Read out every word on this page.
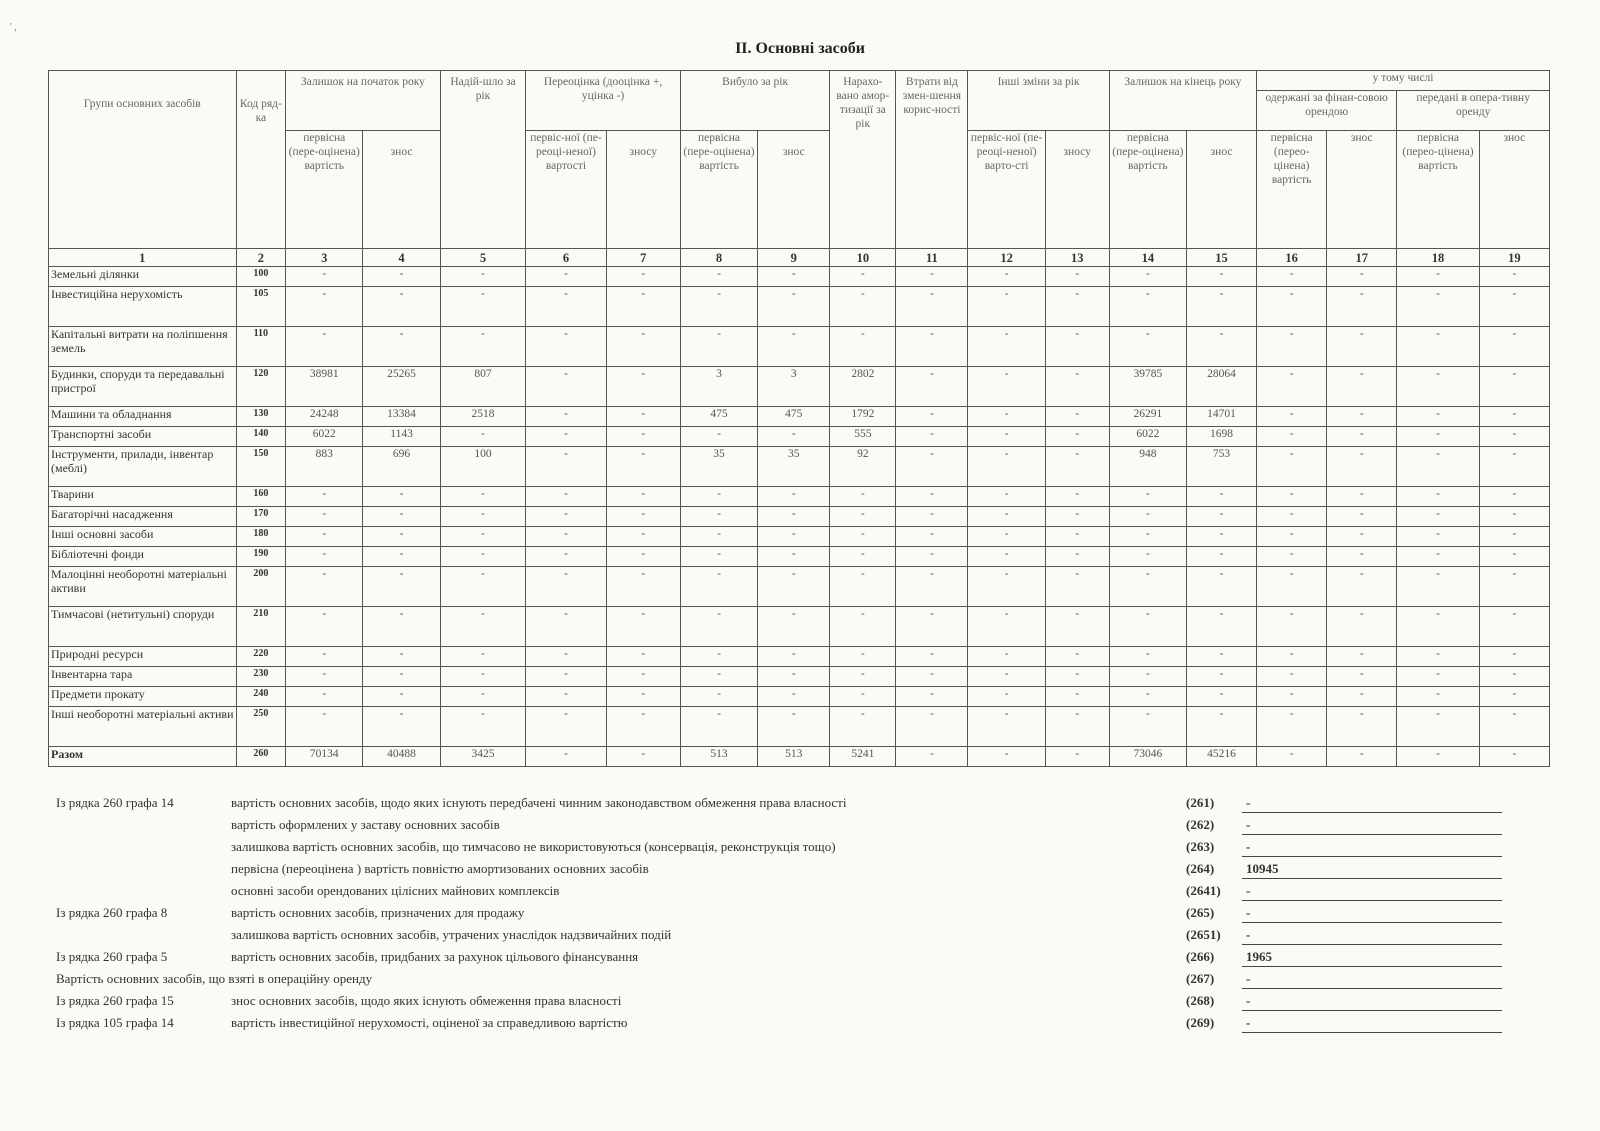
' ,
II. Основні засоби
Групи основних засобів	Код ряд-ка	Залишок на початок року		Надій-шло за рік	Переоцінка (дооцінка +, уцінка -)		Вибуло за рік		Нарахо-вано амор-тизації за рік	Втрати від змен-шення корис-ності	Інші зміни за рік		Залишок на кінець року		у тому числі			
															одержані за фінан-совою орендою		передані в опера-тивну оренду	
		первісна (пере-оцінена) вартість	знос		первіс-ної (пе-реоці-неної) вартості	зносу	первісна (пере-оцінена) вартість	знос			первіс-ної (пе-реоці-неної) варто-сті	зносу	первісна (пере-оцінена) вартість	знос	первісна (перео-цінена) вартість	знос	первісна (перео-цінена) вартість	знос
1	2	3	4	5	6	7	8	9	10	11	12	13	14	15	16	17	18	19
Земельні ділянки	100	-	-	-	-	-	-	-	-	-	-	-	-	-	-	-	-	-
Інвестиційна нерухомість	105	-	-	-	-	-	-	-	-	-	-	-	-	-	-	-	-	-
Капітальні витрати на поліпшення земель	110	-	-	-	-	-	-	-	-	-	-	-	-	-	-	-	-	-
Будинки, споруди та передавальні пристрої	120	38981	25265	807	-	-	3	3	2802	-	-	-	39785	28064	-	-	-	-
Машини та обладнання	130	24248	13384	2518	-	-	475	475	1792	-	-	-	26291	14701	-	-	-	-
Транспортні засоби	140	6022	1143	-	-	-	-	-	555	-	-	-	6022	1698	-	-	-	-
Інструменти, прилади, інвентар (меблі)	150	883	696	100	-	-	35	35	92	-	-	-	948	753	-	-	-	-
Тварини	160	-	-	-	-	-	-	-	-	-	-	-	-	-	-	-	-	-
Багаторічні насадження	170	-	-	-	-	-	-	-	-	-	-	-	-	-	-	-	-	-
Інші основні засоби	180	-	-	-	-	-	-	-	-	-	-	-	-	-	-	-	-	-
Бібліотечні фонди	190	-	-	-	-	-	-	-	-	-	-	-	-	-	-	-	-	-
Малоцінні необоротні матеріальні активи	200	-	-	-	-	-	-	-	-	-	-	-	-	-	-	-	-	-
Тимчасові (нетитульні) споруди	210	-	-	-	-	-	-	-	-	-	-	-	-	-	-	-	-	-
Природні ресурси	220	-	-	-	-	-	-	-	-	-	-	-	-	-	-	-	-	-
Інвентарна тара	230	-	-	-	-	-	-	-	-	-	-	-	-	-	-	-	-	-
Предмети прокату	240	-	-	-	-	-	-	-	-	-	-	-	-	-	-	-	-	-
Інші необоротні матеріальні активи	250	-	-	-	-	-	-	-	-	-	-	-	-	-	-	-	-	-
Разом	260	70134	40488	3425	-	-	513	513	5241	-	-	-	73046	45216	-	-	-	-
Із рядка 260 графа 14	вартість основних засобів, щодо яких існують передбачені чинним законодавством обмеження права власності	(261)	-
вартість оформлених у заставу основних засобів	(262)	-
залишкова вартість основних засобів, що тимчасово не використовуються (консервація, реконструкція тощо)	(263)	-
первісна (переоцінена ) вартість повністю амортизованих основних засобів	(264)	10945
основні засоби орендованих цілісних майнових комплексів	(2641)	-
Із рядка 260 графа 8	вартість основних засобів, призначених для продажу	(265)	-
залишкова вартість основних засобів, утрачених унаслідок надзвичайних подій	(2651)	-
Із рядка 260 графа 5	вартість основних засобів, придбаних за рахунок цільового фінансування	(266)	1965
Вартість основних засобів, що взяті в операційну оренду	(267)	-
Із рядка 260 графа 15	знос основних засобів, щодо яких існують обмеження права власності	(268)	-
Із рядка 105 графа 14	вартість інвестиційної нерухомості, оціненої за справедливою вартістю	(269)	-
